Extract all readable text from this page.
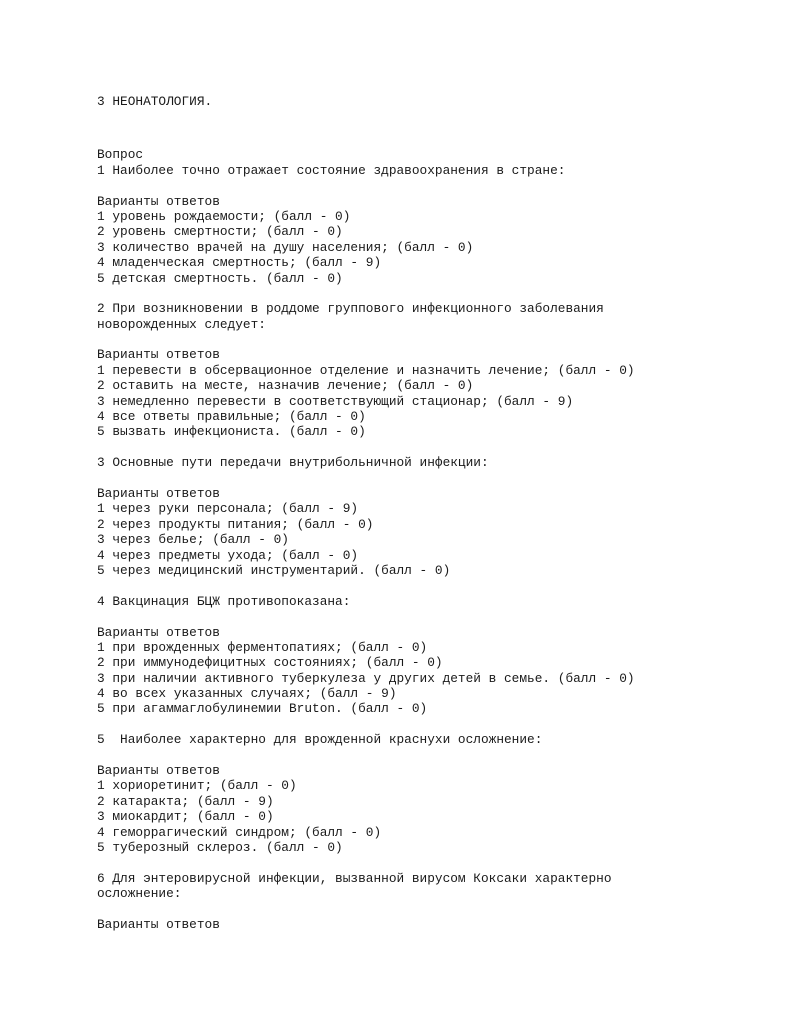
3 НЕОНАТОЛОГИЯ.
Вопрос
1 Наиболее точно отражает состояние здравоохранения в стране:
Варианты ответов
1 уровень рождаемости; (балл - 0)
2 уровень смертности; (балл - 0)
3 количество врачей на душу населения; (балл - 0)
4 младенческая смертность; (балл - 9)
5 детская смертность. (балл - 0)
2 При возникновении в роддоме группового инфекционного заболевания
новорожденных следует:
Варианты ответов
1 перевести в обсервационное отделение и назначить лечение; (балл - 0)
2 оставить на месте, назначив лечение; (балл - 0)
3 немедленно перевести в соответствующий стационар; (балл - 9)
4 все ответы правильные; (балл - 0)
5 вызвать инфекциониста. (балл - 0)
3 Основные пути передачи внутрибольничной инфекции:
Варианты ответов
1 через руки персонала; (балл - 9)
2 через продукты питания; (балл - 0)
3 через белье; (балл - 0)
4 через предметы ухода; (балл - 0)
5 через медицинский инструментарий. (балл - 0)
4 Вакцинация БЦЖ противопоказана:
Варианты ответов
1 при врожденных ферментопатиях; (балл - 0)
2 при иммунодефицитных состояниях; (балл - 0)
3 при наличии активного туберкулеза у других детей в семье. (балл - 0)
4 во всех указанных случаях; (балл - 9)
5 при агаммаглобулинемии Bruton. (балл - 0)
5  Наиболее характерно для врожденной краснухи осложнение:
Варианты ответов
1 хориоретинит; (балл - 0)
2 катаракта; (балл - 9)
3 миокардит; (балл - 0)
4 геморрагический синдром; (балл - 0)
5 туберозный склероз. (балл - 0)
6 Для энтеровирусной инфекции, вызванной вирусом Коксаки характерно
осложнение:
Варианты ответов
